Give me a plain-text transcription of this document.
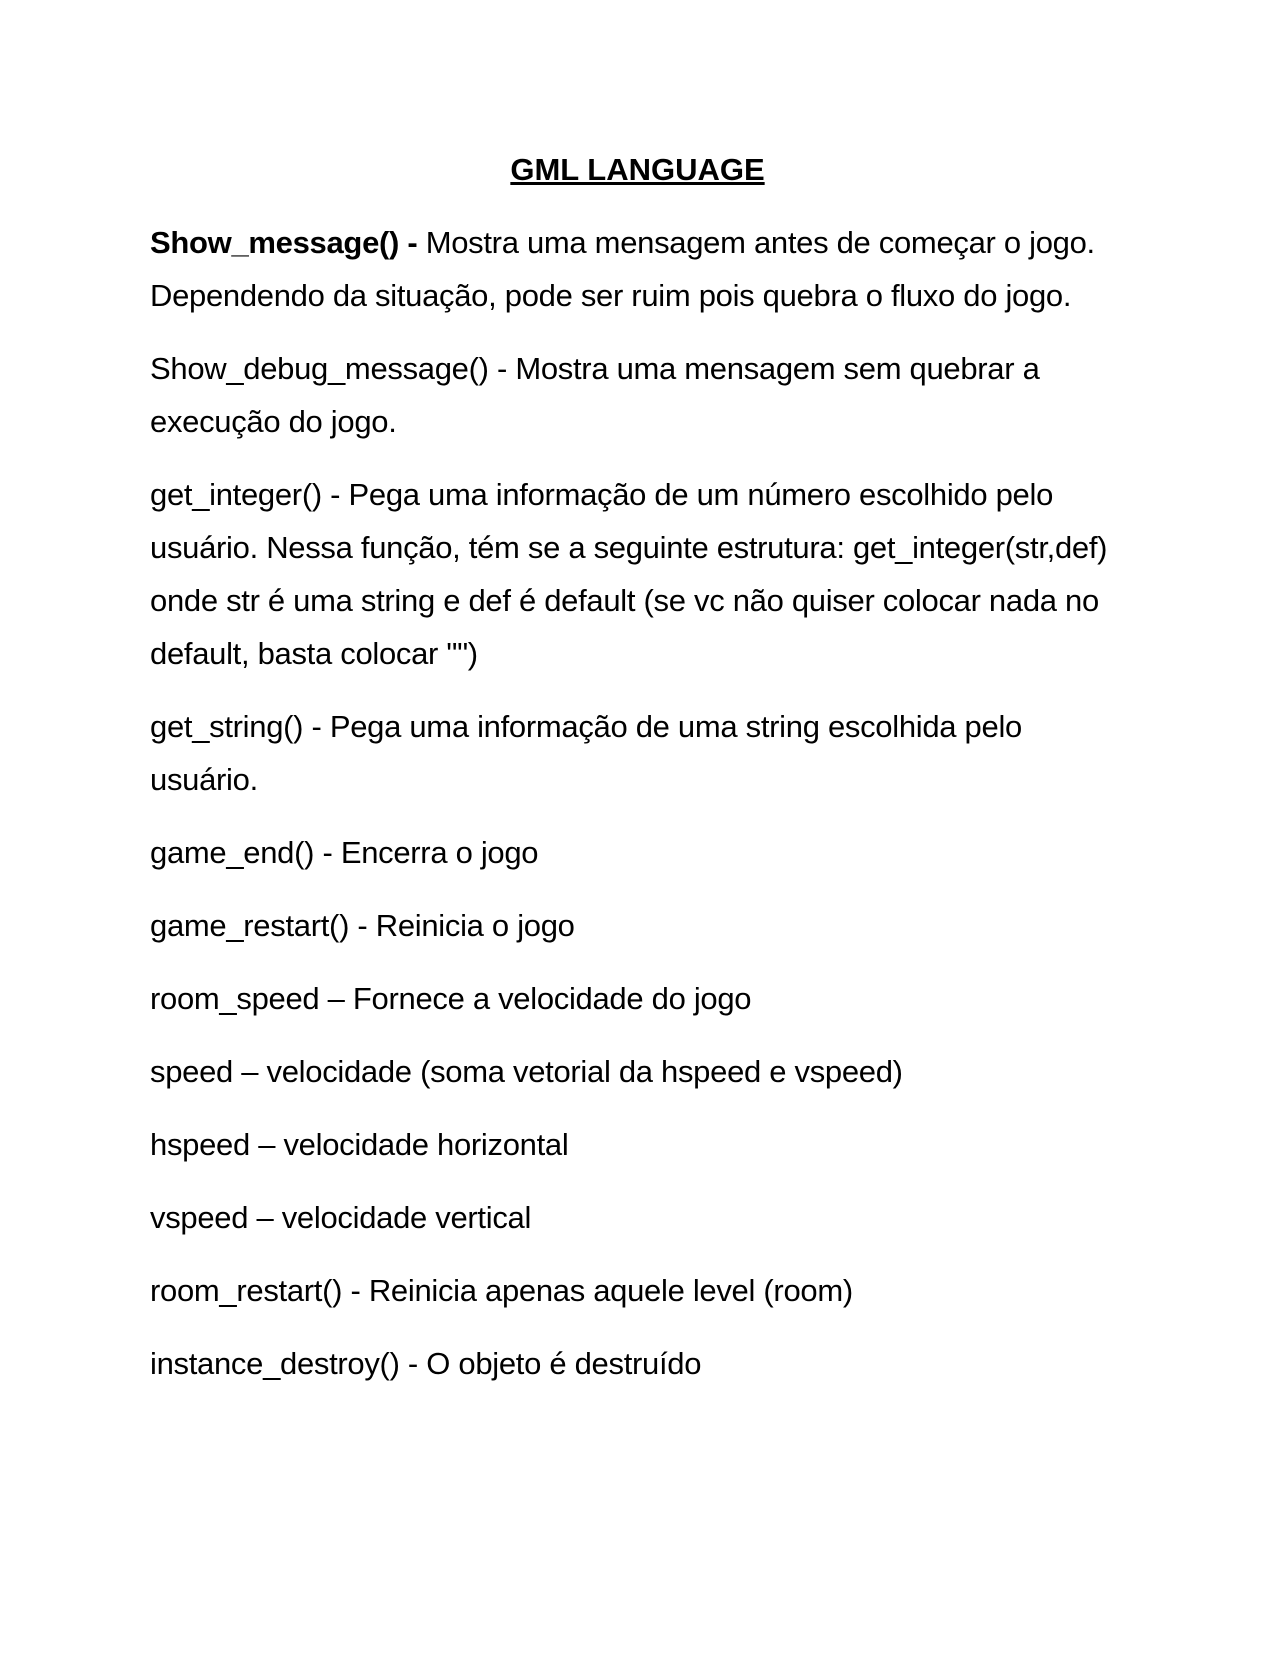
GML LANGUAGE

Show_message() - Mostra uma mensagem antes de começar o jogo. Dependendo da situação, pode ser ruim pois quebra o fluxo do jogo.

Show_debug_message() - Mostra uma mensagem sem quebrar a execução do jogo.

get_integer() - Pega uma informação de um número escolhido pelo usuário. Nessa função, tém se a seguinte estrutura: get_integer(str,def) onde str é uma string e def é default (se vc não quiser colocar nada no default, basta colocar "")

get_string() - Pega uma informação de uma string escolhida pelo usuário.

game_end() - Encerra o jogo

game_restart() - Reinicia o jogo

room_speed – Fornece a velocidade do jogo

speed – velocidade (soma vetorial da hspeed e vspeed)

hspeed – velocidade horizontal

vspeed – velocidade vertical

room_restart() - Reinicia apenas aquele level (room)

instance_destroy() - O objeto é destruído
